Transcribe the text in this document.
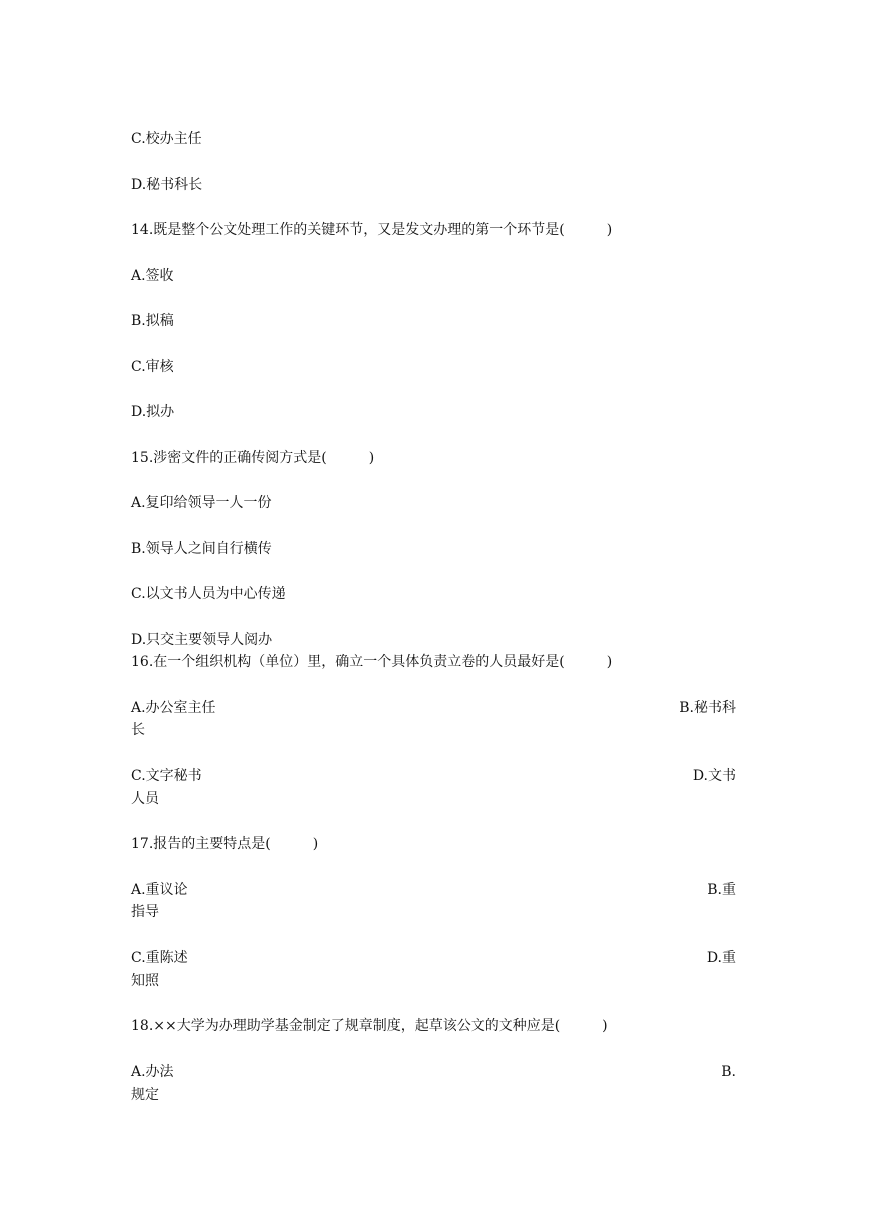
C.校办主任
D.秘书科长
14.既是整个公文处理工作的关键环节，又是发文办理的第一个环节是(　　　)
A.签收
B.拟稿
C.审核
D.拟办
15.涉密文件的正确传阅方式是(　　　)
A.复印给领导一人一份
B.领导人之间自行横传
C.以文书人员为中心传递
D.只交主要领导人阅办
16.在一个组织机构（单位）里，确立一个具体负责立卷的人员最好是(　　　)
A.办公室主任	B.秘书科
长
C.文字秘书	D.文书
人员
17.报告的主要特点是(　　　)
A.重议论	B.重
指导
C.重陈述	D.重
知照
18.××大学为办理助学基金制定了规章制度，起草该公文的文种应是(　　　)
A.办法	B.
规定
